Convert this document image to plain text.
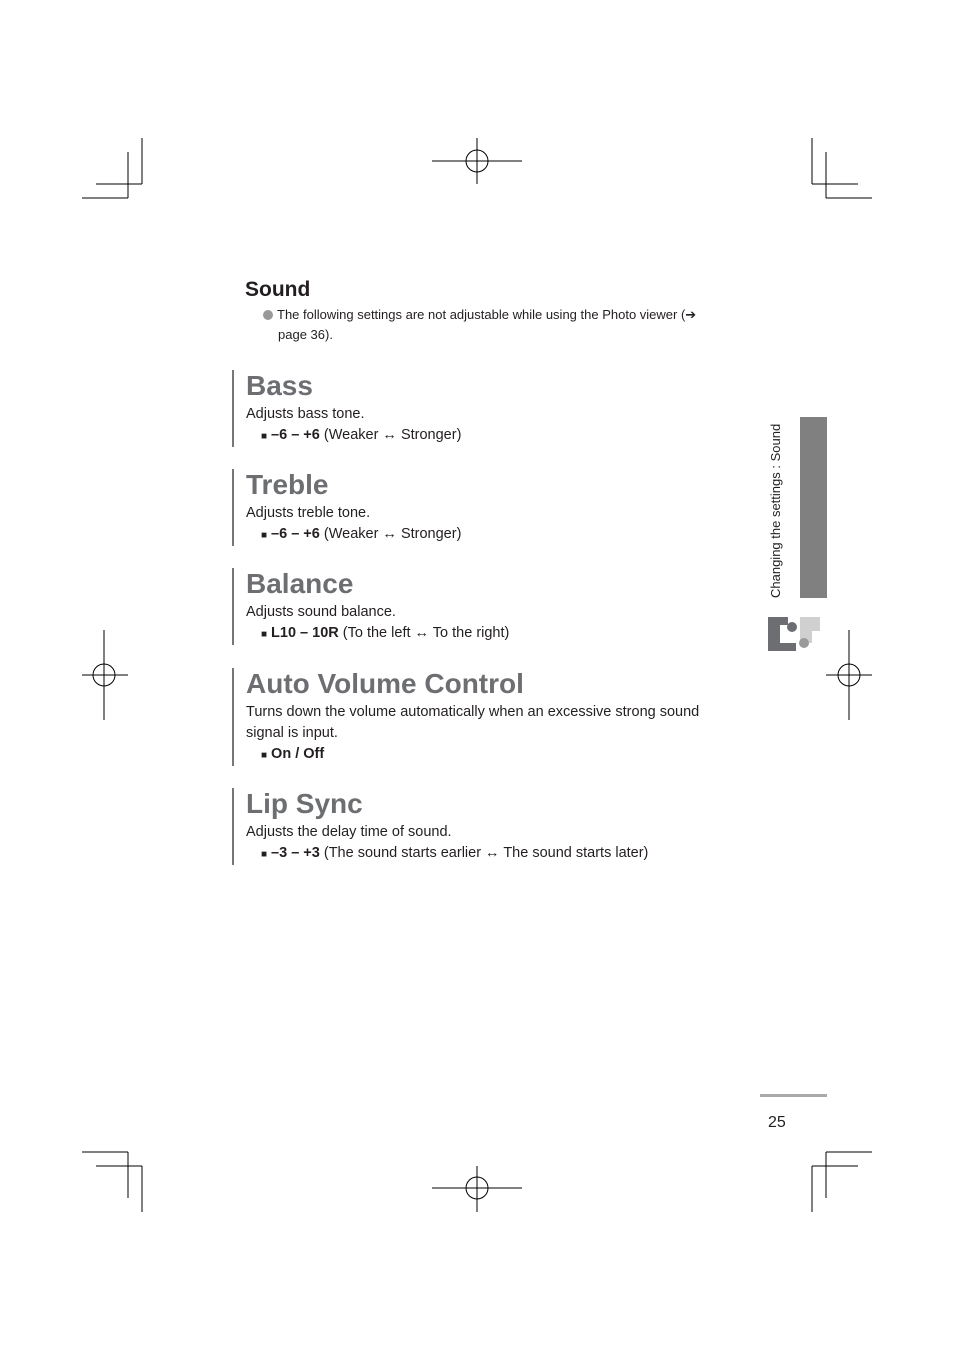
Sound
The following settings are not adjustable while using the Photo viewer (➔
page 36).
Bass
Adjusts bass tone.
■ –6 – +6 (Weaker ↔ Stronger)
Treble
Adjusts treble tone.
■ –6 – +6 (Weaker ↔ Stronger)
Balance
Adjusts sound balance.
■ L10 – 10R (To the left ↔ To the right)
Auto Volume Control
Turns down the volume automatically when an excessive strong sound signal is input.
■ On / Off
Lip Sync
Adjusts the delay time of sound.
■ –3 – +3 (The sound starts earlier ↔ The sound starts later)
Changing the settings : Sound
25
